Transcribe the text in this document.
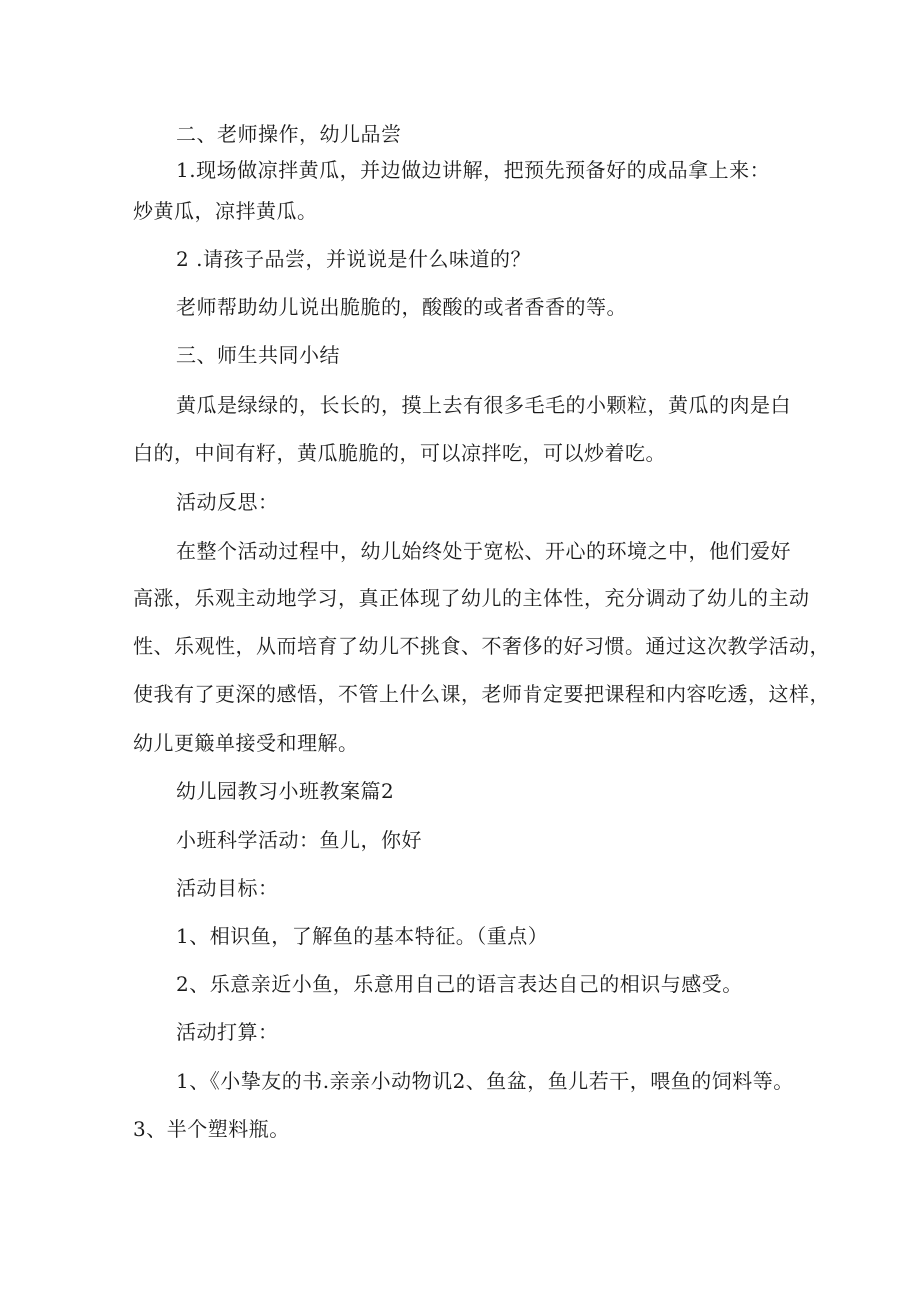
二、老师操作，幼儿品尝
1.现场做凉拌黄瓜，并边做边讲解，把预先预备好的成品拿上来：
炒黄瓜，凉拌黄瓜。
2 .请孩子品尝，并说说是什么味道的？
老师帮助幼儿说出脆脆的，酸酸的或者香香的等。
三、师生共同小结
黄瓜是绿绿的，长长的，摸上去有很多毛毛的小颗粒，黄瓜的肉是白
白的，中间有籽，黄瓜脆脆的，可以凉拌吃，可以炒着吃。
活动反思：
在整个活动过程中，幼儿始终处于宽松、开心的环境之中，他们爱好
高涨，乐观主动地学习，真正体现了幼儿的主体性，充分调动了幼儿的主动
性、乐观性，从而培育了幼儿不挑食、不奢侈的好习惯。通过这次教学活动，
使我有了更深的感悟，不管上什么课，老师肯定要把课程和内容吃透，这样，
幼儿更簸单接受和理解。
幼儿园教习小班教案篇2
小班科学活动：鱼儿，你好
活动目标：
1、相识鱼，了解鱼的基本特征。（重点）
2、乐意亲近小鱼，乐意用自己的语言表达自己的相识与感受。
活动打算：
1、《小挚友的书.亲亲小动物讥2、鱼盆，鱼儿若干，喂鱼的饲料等。
3、半个塑料瓶。
